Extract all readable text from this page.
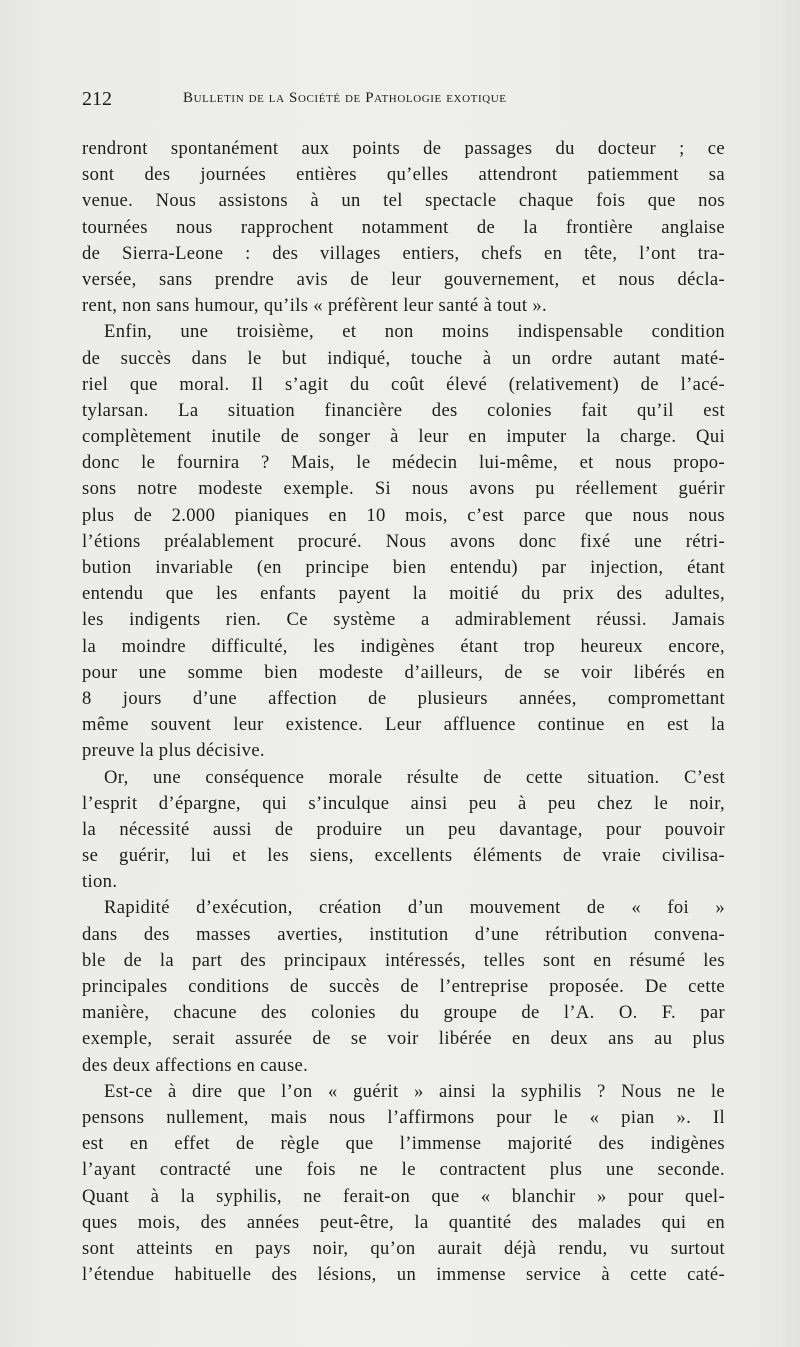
212	Bulletin de la Société de Pathologie exotique
rendront spontanément aux points de passages du docteur ; ce
sont des journées entières qu’elles attendront patiemment sa
venue. Nous assistons à un tel spectacle chaque fois que nos
tournées nous rapprochent notamment de la frontière anglaise
de Sierra-Leone : des villages entiers, chefs en tête, l’ont tra-
versée, sans prendre avis de leur gouvernement, et nous décla-
rent, non sans humour, qu’ils « préfèrent leur santé à tout ».
Enfin, une troisième, et non moins indispensable condition
de succès dans le but indiqué, touche à un ordre autant maté-
riel que moral. Il s’agit du coût élevé (relativement) de l’acé-
tylarsan. La situation financière des colonies fait qu’il est
complètement inutile de songer à leur en imputer la charge. Qui
donc le fournira ? Mais, le médecin lui-même, et nous propo-
sons notre modeste exemple. Si nous avons pu réellement guérir
plus de 2.000 pianiques en 10 mois, c’est parce que nous nous
l’étions préalablement procuré. Nous avons donc fixé une rétri-
bution invariable (en principe bien entendu) par injection, étant
entendu que les enfants payent la moitié du prix des adultes,
les indigents rien. Ce système a admirablement réussi. Jamais
la moindre difficulté, les indigènes étant trop heureux encore,
pour une somme bien modeste d’ailleurs, de se voir libérés en
8 jours d’une affection de plusieurs années, compromettant
même souvent leur existence. Leur affluence continue en est la
preuve la plus décisive.
Or, une conséquence morale résulte de cette situation. C’est
l’esprit d’épargne, qui s’inculque ainsi peu à peu chez le noir,
la nécessité aussi de produire un peu davantage, pour pouvoir
se guérir, lui et les siens, excellents éléments de vraie civilisa-
tion.
Rapidité d’exécution, création d’un mouvement de « foi »
dans des masses averties, institution d’une rétribution convena-
ble de la part des principaux intéressés, telles sont en résumé les
principales conditions de succès de l’entreprise proposée. De cette
manière, chacune des colonies du groupe de l’A. O. F. par
exemple, serait assurée de se voir libérée en deux ans au plus
des deux affections en cause.
Est-ce à dire que l’on « guérit » ainsi la syphilis ? Nous ne le
pensons nullement, mais nous l’affirmons pour le « pian ». Il
est en effet de règle que l’immense majorité des indigènes
l’ayant contracté une fois ne le contractent plus une seconde.
Quant à la syphilis, ne ferait-on que « blanchir » pour quel-
ques mois, des années peut-être, la quantité des malades qui en
sont atteints en pays noir, qu’on aurait déjà rendu, vu surtout
l’étendue habituelle des lésions, un immense service à cette caté-
